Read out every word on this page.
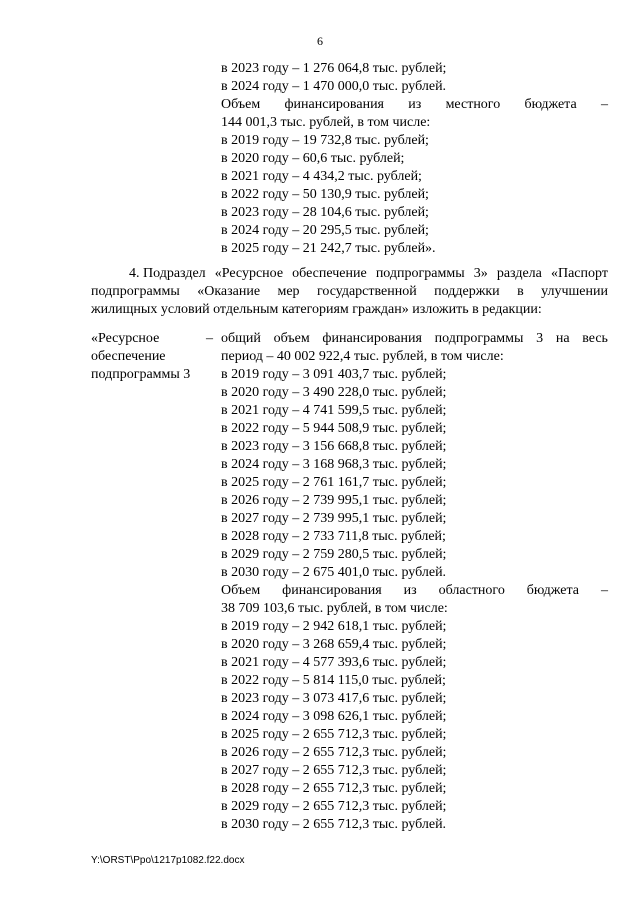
6
в 2023 году – 1 276 064,8 тыс. рублей;
в 2024 году – 1 470 000,0 тыс. рублей.
Объем финансирования из местного бюджета –
144 001,3 тыс. рублей, в том числе:
в 2019 году – 19 732,8 тыс. рублей;
в 2020 году – 60,6 тыс. рублей;
в 2021 году – 4 434,2 тыс. рублей;
в 2022 году – 50 130,9 тыс. рублей;
в 2023 году – 28 104,6 тыс. рублей;
в 2024 году – 20 295,5 тыс. рублей;
в 2025 году – 21 242,7 тыс. рублей».
4. Подраздел «Ресурсное обеспечение подпрограммы 3» раздела «Паспорт
подпрограммы «Оказание мер государственной поддержки в улучшении
жилищных условий отдельным категориям граждан» изложить в редакции:
«Ресурсное
обеспечение
подпрограммы 3
– общий объем финансирования подпрограммы 3 на весь
период – 40 002 922,4 тыс. рублей, в том числе:
в 2019 году – 3 091 403,7 тыс. рублей;
в 2020 году – 3 490 228,0 тыс. рублей;
в 2021 году – 4 741 599,5 тыс. рублей;
в 2022 году – 5 944 508,9 тыс. рублей;
в 2023 году – 3 156 668,8 тыс. рублей;
в 2024 году – 3 168 968,3 тыс. рублей;
в 2025 году – 2 761 161,7 тыс. рублей;
в 2026 году – 2 739 995,1 тыс. рублей;
в 2027 году – 2 739 995,1 тыс. рублей;
в 2028 году – 2 733 711,8 тыс. рублей;
в 2029 году – 2 759 280,5 тыс. рублей;
в 2030 году – 2 675 401,0 тыс. рублей.
Объем финансирования из областного бюджета –
38 709 103,6 тыс. рублей, в том числе:
в 2019 году – 2 942 618,1 тыс. рублей;
в 2020 году – 3 268 659,4 тыс. рублей;
в 2021 году – 4 577 393,6 тыс. рублей;
в 2022 году – 5 814 115,0 тыс. рублей;
в 2023 году – 3 073 417,6 тыс. рублей;
в 2024 году – 3 098 626,1 тыс. рублей;
в 2025 году – 2 655 712,3 тыс. рублей;
в 2026 году – 2 655 712,3 тыс. рублей;
в 2027 году – 2 655 712,3 тыс. рублей;
в 2028 году – 2 655 712,3 тыс. рублей;
в 2029 году – 2 655 712,3 тыс. рублей;
в 2030 году – 2 655 712,3 тыс. рублей.
Y:\ORST\Ppo\1217p1082.f22.docx
